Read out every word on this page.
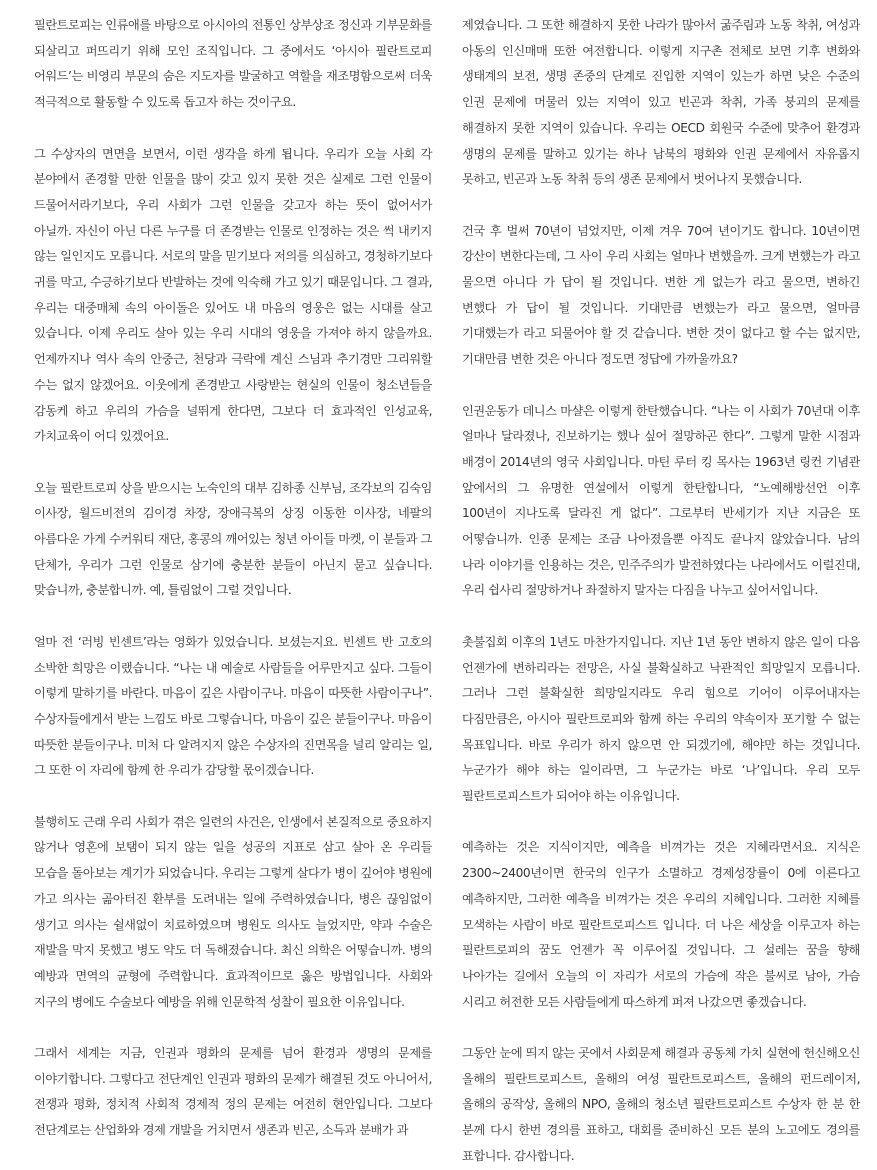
필란트로피는 인류애를 바탕으로 아시아의 전통인 상부상조 정신과 기부문화를 되살리고 퍼뜨리기 위해 모인 조직입니다. 그 중에서도 ‘아시아 필란트로피 어워드’는 비영리 부문의 숨은 지도자를 발굴하고 역할을 재조명함으로써 더욱 적극적으로 활동할 수 있도록 돕고자 하는 것이구요.

그 수상자의 면면을 보면서, 이런 생각을 하게 됩니다. 우리가 오늘 사회 각 분야에서 존경할 만한 인물을 많이 갖고 있지 못한 것은 실제로 그런 인물이 드물어서라기보다, 우리 사회가 그런 인물을 갖고자 하는 뜻이 없어서가 아닐까. 자신이 아닌 다른 누구를 더 존경받는 인물로 인정하는 것은 썩 내키지 않는 일인지도 모릅니다. 서로의 말을 믿기보다 저의를 의심하고, 경청하기보다 귀를 막고, 수긍하기보다 반발하는 것에 익숙해 가고 있기 때문입니다. 그 결과, 우리는 대중매체 속의 아이돌은 있어도 내 마음의 영웅은 없는 시대를 살고 있습니다. 이제 우리도 살아 있는 우리 시대의 영웅을 가져야 하지 않을까요. 언제까지나 역사 속의 안중근, 천당과 극락에 계신 스님과 추기경만 그리워할 수는 없지 않겠어요. 이웃에게 존경받고 사랑받는 현실의 인물이 청소년들을 감동케 하고 우리의 가슴을 널뛰게 한다면, 그보다 더 효과적인 인성교육, 가치교육이 어디 있겠어요.

오늘 필란트로피 상을 받으시는 노숙인의 대부 김하종 신부님, 조각보의 김숙임 이사장, 월드비전의 김이경 차장, 장애극복의 상징 이동한 이사장, 네팔의 아름다운 가게 수커워티 재단, 홍콩의 깨어있는 청년 아이들 마켓, 이 분들과 그 단체가, 우리가 그런 인물로 삼기에 충분한 분들이 아닌지 묻고 싶습니다. 맞습니까, 충분합니까. 예, 틀림없이 그럴 것입니다.

얼마 전 ‘러빙 빈센트’라는 영화가 있었습니다. 보셨는지요. 빈센트 반 고호의 소박한 희망은 이랬습니다. “나는 내 예술로 사람들을 어루만지고 싶다. 그들이 이렇게 말하기를 바란다. 마음이 깊은 사람이구나. 마음이 따뜻한 사람이구나”. 수상자들에게서 받는 느낌도 바로 그렇습니다, 마음이 깊은 분들이구나. 마음이 따뜻한 분들이구나. 미처 다 알려지지 않은 수상자의 진면목을 널리 알리는 일, 그 또한 이 자리에 함께 한 우리가 감당할 몫이겠습니다.

불행히도 근래 우리 사회가 겪은 일련의 사건은, 인생에서 본질적으로 중요하지 않거나 영혼에 보탬이 되지 않는 일을 성공의 지표로 삼고 살아 온 우리들 모습을 돌아보는 계기가 되었습니다. 우리는 그렇게 살다가 병이 깊어야 병원에 가고 의사는 곪아터진 환부를 도려내는 일에 주력하였습니다, 병은 끊임없이 생기고 의사는 쉴새없이 치료하였으며 병원도 의사도 늘었지만, 약과 수술은 재발을 막지 못했고 병도 약도 더 독해졌습니다. 최신 의학은 어떻습니까. 병의 예방과 면역의 균형에 주력합니다. 효과적이므로 옳은 방법입니다. 사회와 지구의 병에도 수술보다 예방을 위해 인문학적 성찰이 필요한 이유입니다.

그래서 세계는 지금, 인권과 평화의 문제를 넘어 환경과 생명의 문제를 이야기합니다. 그렇다고 전단계인 인권과 평화의 문제가 해결된 것도 아니어서, 전쟁과 평화, 정치적 사회적 경제적 정의 문제는 여전히 현안입니다. 그보다 전단계로는 산업화와 경제 개발을 거치면서 생존과 빈곤, 소득과 분배가 과

제였습니다. 그 또한 해결하지 못한 나라가 많아서 굶주림과 노동 착취, 여성과 아동의 인신매매 또한 여전합니다. 이렇게 지구촌 전체로 보면 기후 변화와 생태계의 보전, 생명 존중의 단계로 진입한 지역이 있는가 하면 낮은 수준의 인권 문제에 머물러 있는 지역이 있고 빈곤과 착취, 가족 붕괴의 문제를 해결하지 못한 지역이 있습니다. 우리는 OECD 회원국 수준에 맞추어 환경과 생명의 문제를 말하고 있기는 하나 남북의 평화와 인권 문제에서 자유롭지 못하고, 빈곤과 노동 착취 등의 생존 문제에서 벗어나지 못했습니다.

건국 후 벌써 70년이 넘었지만, 이제 겨우 70여 년이기도 합니다. 10년이면 강산이 변한다는데, 그 사이 우리 사회는 얼마나 변했을까. 크게 변했는가 라고 물으면 아니다 가 답이 될 것입니다. 변한 게 없는가 라고 물으면, 변하긴 변했다 가 답이 될 것입니다. 기대만큼 변했는가 라고 물으면, 얼마큼 기대했는가 라고 되물어야 할 것 같습니다. 변한 것이 없다고 할 수는 없지만, 기대만큼 변한 것은 아니다 정도면 정답에 가까울까요?

인권운동가 데니스 마샬은 이렇게 한탄했습니다. “나는 이 사회가 70년대 이후 얼마나 달라졌나, 진보하기는 했나 싶어 절망하곤 한다”. 그렇게 말한 시점과 배경이 2014년의 영국 사회입니다. 마틴 루터 킹 목사는 1963년 링컨 기념관 앞에서의 그 유명한 연설에서 이렇게 한탄합니다, “노예해방선언 이후 100년이 지나도록 달라진 게 없다”. 그로부터 반세기가 지난 지금은 또 어떻습니까. 인종 문제는 조금 나아졌을뿐 아직도 끝나지 않았습니다. 남의 나라 이야기를 인용하는 것은, 민주주의가 발전하였다는 나라에서도 이럴진대, 우리 쉽사리 절망하거나 좌절하지 말자는 다짐을 나누고 싶어서입니다.

촛불집회 이후의 1년도 마찬가지입니다. 지난 1년 동안 변하지 않은 일이 다음 언젠가에 변하리라는 전망은, 사실 불확실하고 낙관적인 희망일지 모릅니다. 그러나 그런 불확실한 희망일지라도 우리 힘으로 기어이 이루어내자는 다짐만큼은, 아시아 필란트로피와 함께 하는 우리의 약속이자 포기할 수 없는 목표입니다. 바로 우리가 하지 않으면 안 되겠기에, 해야만 하는 것입니다. 누군가가 해야 하는 일이라면, 그 누군가는 바로 ‘나’입니다. 우리 모두 필란트로피스트가 되어야 하는 이유입니다.

예측하는 것은 지식이지만, 예측을 비껴가는 것은 지혜라면서요. 지식은 2300~2400년이면 한국의 인구가 소멸하고 경제성장률이 0에 이른다고 예측하지만, 그러한 예측을 비껴가는 것은 우리의 지혜입니다. 그러한 지혜를 모색하는 사람이 바로 필란트로피스트 입니다. 더 나은 세상을 이루고자 하는 필란트로피의 꿈도 언젠가 꼭 이루어질 것입니다. 그 설레는 꿈을 향해 나아가는 길에서 오늘의 이 자리가 서로의 가슴에 작은 불씨로 남아, 가슴 시리고 허전한 모든 사람들에게 따스하게 퍼져 나갔으면 좋겠습니다.

그동안 눈에 띄지 않는 곳에서 사회문제 해결과 공동체 가치 실현에 헌신해오신 올해의 필란트로피스트, 올해의 여성 필란트로피스트, 올해의 펀드레이저, 올해의 공작상, 올해의 NPO, 올해의 청소년 필란트로피스트 수상자 한 분 한 분께 다시 한번 경의를 표하고, 대회를 준비하신 모든 분의 노고에도 경의를 표합니다. 감사합니다.
